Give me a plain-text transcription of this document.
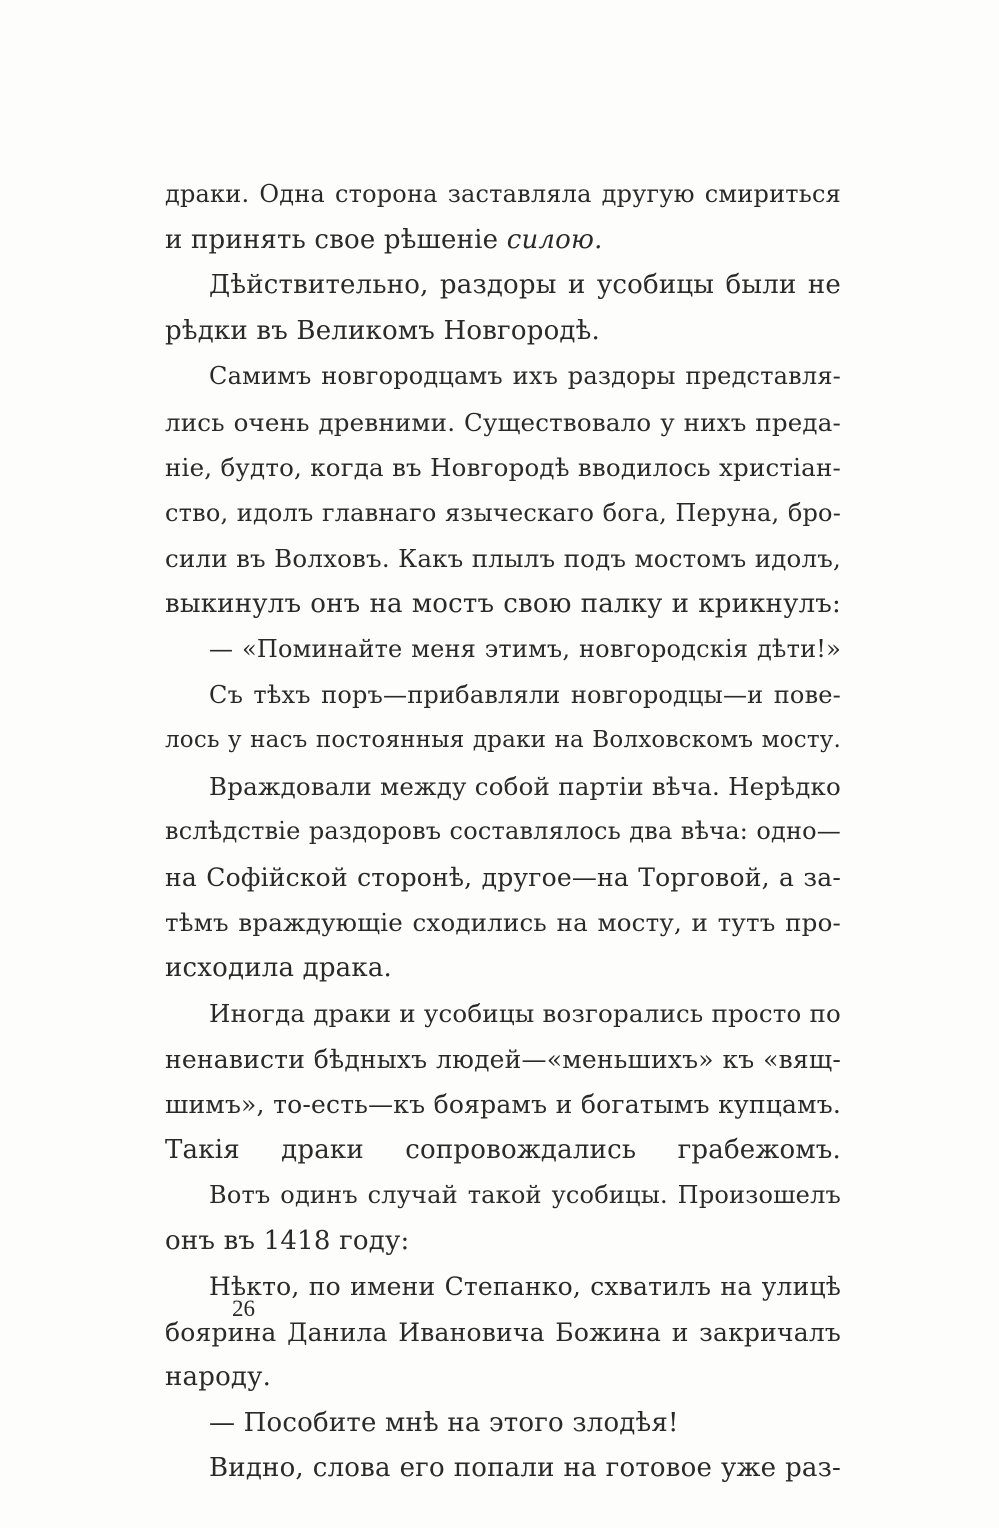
драки. Одна сторона заставляла другую смириться
и принять свое рѣшеніе силою.
Дѣйствительно, раздоры и усобицы были не
рѣдки въ Великомъ Новгородѣ.
Самимъ новгородцамъ ихъ раздоры представля-
лись очень древними. Существовало у нихъ преда-
ніе, будто, когда въ Новгородѣ вводилось христіан-
ство, идолъ главнаго языческаго бога, Перуна, бро-
сили въ Волховъ. Какъ плылъ подъ мостомъ идолъ,
выкинулъ онъ на мостъ свою палку и крикнулъ:
— «Поминайте меня этимъ, новгородскія дѣти!»
Съ тѣхъ поръ—прибавляли новгородцы—и пове-
лось у насъ постоянныя драки на Волховскомъ мосту.
Враждовали между собой партіи вѣча. Нерѣдко
вслѣдствіе раздоровъ составлялось два вѣча: одно—
на Софійской сторонѣ, другое—на Торговой, а за-
тѣмъ враждующіе сходились на мосту, и тутъ про-
исходила драка.
Иногда драки и усобицы возгорались просто по
ненависти бѣдныхъ людей—«меньшихъ» къ «вящ-
шимъ», то-есть—къ боярамъ и богатымъ купцамъ.
Такія драки сопровождались грабежомъ.
Вотъ одинъ случай такой усобицы. Произошелъ
онъ въ 1418 году:
Нѣкто, по имени Степанко, схватилъ на улицѣ
боярина Данила Ивановича Божина и закричалъ
народу.
— Пособите мнѣ на этого злодѣя!
Видно, слова его попали на готовое уже раз-
26
